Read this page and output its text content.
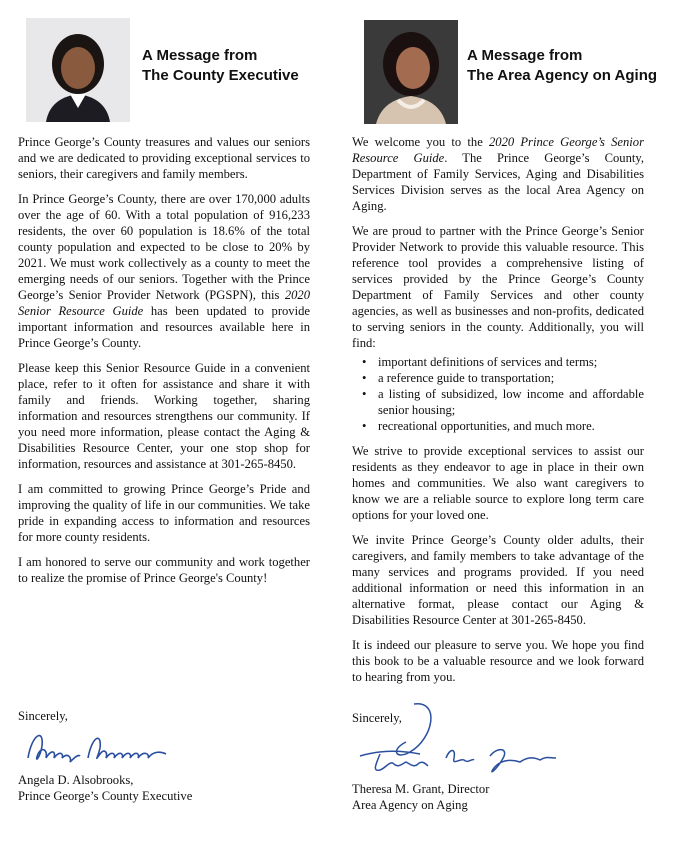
A Message from
The County Executive
A Message from
The Area Agency on Aging

Prince George’s County treasures and values our seniors and we are dedicated to providing exceptional services to seniors, their caregivers and family members.

In Prince George’s County, there are over 170,000 adults over the age of 60. With a total population of 916,233 residents, the over 60 population is 18.6% of the total county population and expected to be close to 20% by 2021. We must work collectively as a county to meet the emerging needs of our seniors. Together with the Prince George’s Senior Provider Network (PGSPN), this 2020 Senior Resource Guide has been updated to provide important information and resources available here in Prince George’s County.

Please keep this Senior Resource Guide in a convenient place, refer to it often for assistance and share it with family and friends. Working together, sharing information and resources strengthens our community. If you need more information, please contact the Aging & Disabilities Resource Center, your one stop shop for information, resources and assistance at 301-265-8450.

I am committed to growing Prince George’s Pride and improving the quality of life in our communities. We take pride in expanding access to information and resources for more county residents.

I am honored to serve our community and work together to realize the promise of Prince George's County!

Sincerely,
Angela D. Alsobrooks,
Prince George’s County Executive

We welcome you to the 2020 Prince George’s Senior Resource Guide. The Prince George’s County, Department of Family Services, Aging and Disabilities Services Division serves as the local Area Agency on Aging.

We are proud to partner with the Prince George’s Senior Provider Network to provide this valuable resource. This reference tool provides a comprehensive listing of services provided by the Prince George’s County Department of Family Services and other county agencies, as well as businesses and non-profits, dedicated to serving seniors in the county. Additionally, you will find:

• important definitions of services and terms;
• a reference guide to transportation;
• a listing of subsidized, low income and affordable senior housing;
• recreational opportunities, and much more.

We strive to provide exceptional services to assist our residents as they endeavor to age in place in their own homes and communities. We also want caregivers to know we are a reliable source to explore long term care options for your loved one.

We invite Prince George’s County older adults, their caregivers, and family members to take advantage of the many services and programs provided. If you need additional information or need this information in an alternative format, please contact our Aging & Disabilities Resource Center at 301-265-8450.

It is indeed our pleasure to serve you. We hope you find this book to be a valuable resource and we look forward to hearing from you.

Sincerely,
Theresa M. Grant, Director
Area Agency on Aging
